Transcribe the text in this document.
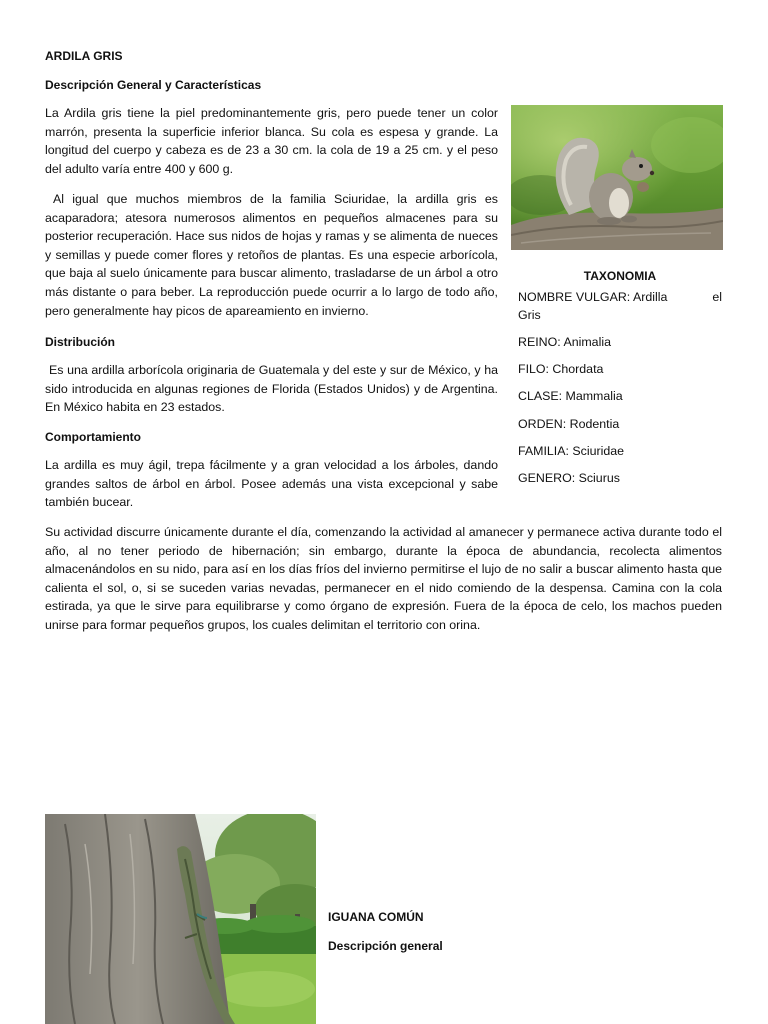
ARDILA GRIS
Descripción General y Características
La Ardila gris tiene la piel predominantemente gris, pero puede tener un color marrón, presenta la superficie inferior blanca. Su cola es espesa y grande. La longitud del cuerpo y cabeza es de 23 a 30 cm. la cola de 19 a 25 cm. y el peso del adulto varía entre 400 y 600 g.
Al igual que muchos miembros de la familia Sciuridae, la ardilla gris es acaparadora; atesora numerosos alimentos en pequeños almacenes para su posterior recuperación. Hace sus nidos de hojas y ramas y se alimenta de nueces y semillas y puede comer flores y retoños de plantas. Es una especie arborícola, que baja al suelo únicamente para buscar alimento, trasladarse de un árbol a otro más distante o para beber. La reproducción puede ocurrir a lo largo de todo año, pero generalmente hay picos de apareamiento en invierno.
Distribución
Es una ardilla arborícola originaria de Guatemala y del este y sur de México, y ha sido introducida en algunas regiones de Florida (Estados Unidos) y de Argentina. En México habita en 23 estados.
Comportamiento
La ardilla es muy ágil, trepa fácilmente y a gran velocidad a los árboles, dando grandes saltos de árbol en árbol. Posee además una vista excepcional y sabe también bucear.
Su actividad discurre únicamente durante el día, comenzando la actividad al amanecer y permanece activa durante todo el año, al no tener periodo de hibernación; sin embargo, durante la época de abundancia, recolecta alimentos almacenándolos en su nido, para así en los días fríos del invierno permitirse el lujo de no salir a buscar alimento hasta que calienta el sol, o, si se suceden varias nevadas, permanecer en el nido comiendo de la despensa. Camina con la cola estirada, ya que le sirve para equilibrarse y como órgano de expresión. Fuera de la época de celo, los machos pueden unirse para formar pequeños grupos, los cuales delimitan el territorio con orina.
TAXONOMIA
el
NOMBRE VULGAR: Ardilla Gris
REINO: Animalia
FILO: Chordata
CLASE: Mammalia
ORDEN: Rodentia
FAMILIA: Sciuridae
GENERO: Sciurus
IGUANA COMÚN
Descripción general
